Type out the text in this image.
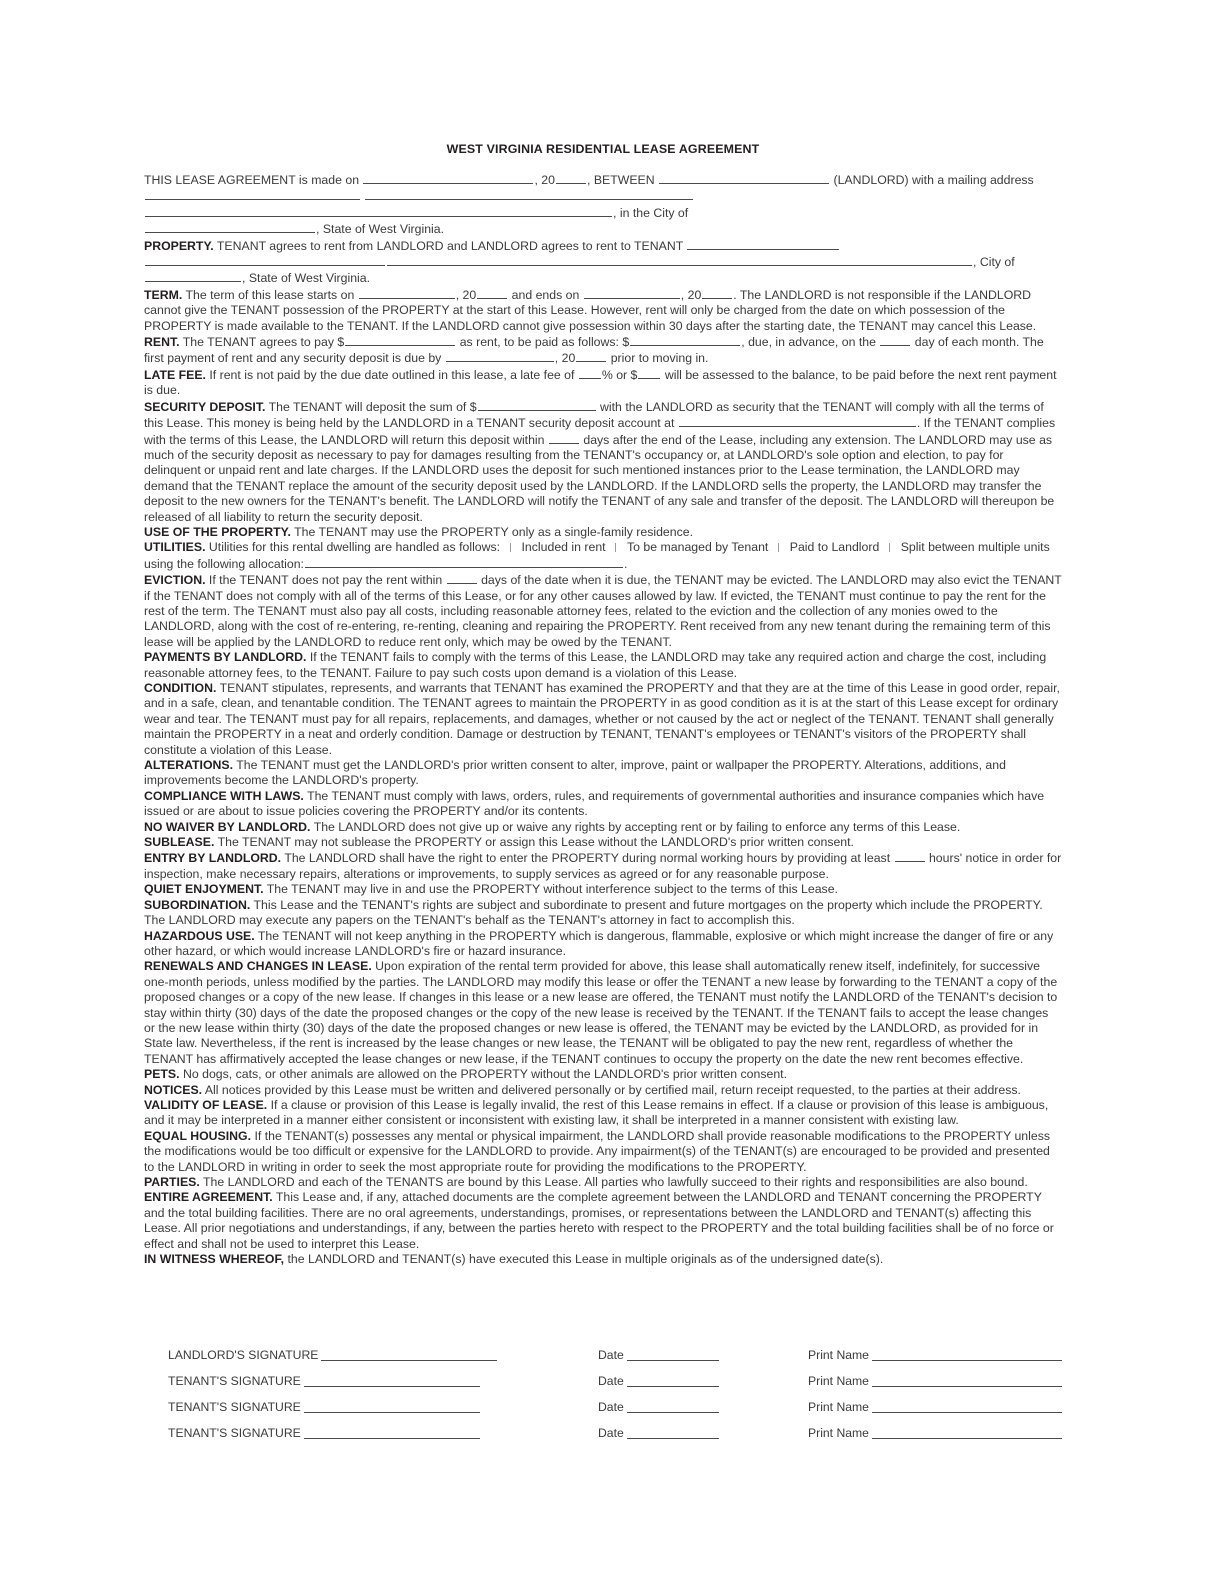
WEST VIRGINIA RESIDENTIAL LEASE AGREEMENT

THIS LEASE AGREEMENT is made on	, 20	, BETWEEN	(LANDLORD) with a mailing address  , in the City of
, State of West Virginia.

PROPERTY. TENANT agrees to rent from LANDLORD and LANDLORD agrees to rent to TENANT  , City of , State of West Virginia.

TERM. The term of this lease starts on	, 20	and ends on	, 20	. The LANDLORD is not responsible if the LANDLORD cannot give the TENANT possession of the PROPERTY at the start of this Lease. However, rent will only be charged from the date on which possession of the PROPERTY is made available to the TENANT. If the LANDLORD cannot give possession within 30 days after the starting date, the TENANT may cancel this Lease.

RENT. The TENANT agrees to pay $	as rent, to be paid as follows: $	, due, in advance, on the	day of each month. The first payment of rent and any security deposit is due by	, 20	prior to moving in.

LATE FEE. If rent is not paid by the due date outlined in this lease, a late fee of % or $ will be assessed to the balance, to be paid before the next rent payment is due.

SECURITY DEPOSIT. The TENANT will deposit the sum of $	with the LANDLORD as security that the TENANT will comply with all the terms of this Lease. This money is being held by the LANDLORD in a TENANT security deposit account at	. If the TENANT complies with the terms of this Lease, the LANDLORD will return this deposit within	days after the end of the Lease, including any extension. The LANDLORD may use as much of the security deposit as necessary to pay for damages resulting from the TENANT's occupancy or, at LANDLORD's sole option and election, to pay for delinquent or unpaid rent and late charges. If the LANDLORD uses the deposit for such mentioned instances prior to the Lease termination, the LANDLORD may demand that the TENANT replace the amount of the security deposit used by the LANDLORD. If the LANDLORD sells the property, the LANDLORD may transfer the deposit to the new owners for the TENANT's benefit. The LANDLORD will notify the TENANT of any sale and transfer of the deposit. The LANDLORD will thereupon be released of all liability to return the security deposit.

USE OF THE PROPERTY. The TENANT may use the PROPERTY only as a single-family residence.

UTILITIES. Utilities for this rental dwelling are handled as follows: Included in rent To be managed by Tenant Paid to Landlord Split between multiple units using the following allocation:	.

EVICTION. If the TENANT does not pay the rent within	days of the date when it is due, the TENANT may be evicted. The LANDLORD may also evict the TENANT if the TENANT does not comply with all of the terms of this Lease, or for any other causes allowed by law. If evicted, the TENANT must continue to pay the rent for the rest of the term. The TENANT must also pay all costs, including reasonable attorney fees, related to the eviction and the collection of any monies owed to the LANDLORD, along with the cost of re-entering, re-renting, cleaning and repairing the PROPERTY. Rent received from any new tenant during the remaining term of this lease will be applied by the LANDLORD to reduce rent only, which may be owed by the TENANT.

PAYMENTS BY LANDLORD. If the TENANT fails to comply with the terms of this Lease, the LANDLORD may take any required action and charge the cost, including reasonable attorney fees, to the TENANT. Failure to pay such costs upon demand is a violation of this Lease.

CONDITION. TENANT stipulates, represents, and warrants that TENANT has examined the PROPERTY and that they are at the time of this Lease in good order, repair, and in a safe, clean, and tenantable condition. The TENANT agrees to maintain the PROPERTY in as good condition as it is at the start of this Lease except for ordinary wear and tear. The TENANT must pay for all repairs, replacements, and damages, whether or not caused by the act or neglect of the TENANT. TENANT shall generally maintain the PROPERTY in a neat and orderly condition. Damage or destruction by TENANT, TENANT's employees or TENANT's visitors of the PROPERTY shall constitute a violation of this Lease.

ALTERATIONS. The TENANT must get the LANDLORD's prior written consent to alter, improve, paint or wallpaper the PROPERTY. Alterations, additions, and improvements become the LANDLORD's property.

COMPLIANCE WITH LAWS. The TENANT must comply with laws, orders, rules, and requirements of governmental authorities and insurance companies which have issued or are about to issue policies covering the PROPERTY and/or its contents.

NO WAIVER BY LANDLORD. The LANDLORD does not give up or waive any rights by accepting rent or by failing to enforce any terms of this Lease.

SUBLEASE. The TENANT may not sublease the PROPERTY or assign this Lease without the LANDLORD's prior written consent.

ENTRY BY LANDLORD. The LANDLORD shall have the right to enter the PROPERTY during normal working hours by providing at least	hours' notice in order for inspection, make necessary repairs, alterations or improvements, to supply services as agreed or for any reasonable purpose.

QUIET ENJOYMENT. The TENANT may live in and use the PROPERTY without interference subject to the terms of this Lease.

SUBORDINATION. This Lease and the TENANT's rights are subject and subordinate to present and future mortgages on the property which include the PROPERTY. The LANDLORD may execute any papers on the TENANT's behalf as the TENANT's attorney in fact to accomplish this.

HAZARDOUS USE. The TENANT will not keep anything in the PROPERTY which is dangerous, flammable, explosive or which might increase the danger of fire or any other hazard, or which would increase LANDLORD's fire or hazard insurance.

RENEWALS AND CHANGES IN LEASE. Upon expiration of the rental term provided for above, this lease shall automatically renew itself, indefinitely, for successive one-month periods, unless modified by the parties. The LANDLORD may modify this lease or offer the TENANT a new lease by forwarding to the TENANT a copy of the proposed changes or a copy of the new lease. If changes in this lease or a new lease are offered, the TENANT must notify the LANDLORD of the TENANT's decision to stay within thirty (30) days of the date the proposed changes or the copy of the new lease is received by the TENANT. If the TENANT fails to accept the lease changes or the new lease within thirty (30) days of the date the proposed changes or new lease is offered, the TENANT may be evicted by the LANDLORD, as provided for in State law. Nevertheless, if the rent is increased by the lease changes or new lease, the TENANT will be obligated to pay the new rent, regardless of whether the TENANT has affirmatively accepted the lease changes or new lease, if the TENANT continues to occupy the property on the date the new rent becomes effective.

PETS. No dogs, cats, or other animals are allowed on the PROPERTY without the LANDLORD's prior written consent.

NOTICES. All notices provided by this Lease must be written and delivered personally or by certified mail, return receipt requested, to the parties at their address.

VALIDITY OF LEASE. If a clause or provision of this Lease is legally invalid, the rest of this Lease remains in effect. If a clause or provision of this lease is ambiguous, and it may be interpreted in a manner either consistent or inconsistent with existing law, it shall be interpreted in a manner consistent with existing law.

EQUAL HOUSING. If the TENANT(s) possesses any mental or physical impairment, the LANDLORD shall provide reasonable modifications to the PROPERTY unless the modifications would be too difficult or expensive for the LANDLORD to provide. Any impairment(s) of the TENANT(s) are encouraged to be provided and presented to the LANDLORD in writing in order to seek the most appropriate route for providing the modifications to the PROPERTY.

PARTIES. The LANDLORD and each of the TENANTS are bound by this Lease. All parties who lawfully succeed to their rights and responsibilities are also bound.

ENTIRE AGREEMENT. This Lease and, if any, attached documents are the complete agreement between the LANDLORD and TENANT concerning the PROPERTY and the total building facilities. There are no oral agreements, understandings, promises, or representations between the LANDLORD and TENANT(s) affecting this Lease. All prior negotiations and understandings, if any, between the parties hereto with respect to the PROPERTY and the total building facilities shall be of no force or effect and shall not be used to interpret this Lease.

IN WITNESS WHEREOF, the LANDLORD and TENANT(s) have executed this Lease in multiple originals as of the undersigned date(s).

LANDLORD'S SIGNATURE	Date	Print Name
TENANT'S SIGNATURE	Date	Print Name
TENANT'S SIGNATURE	Date	Print Name
TENANT'S SIGNATURE	Date	Print Name
